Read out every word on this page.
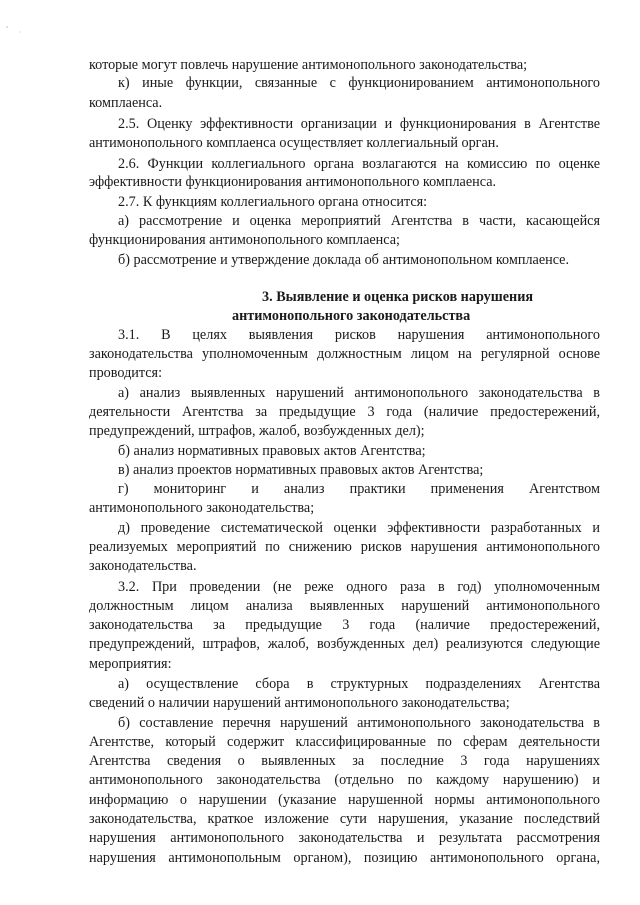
которые могут повлечь нарушение антимонопольного законодательства;
к) иные функции, связанные с функционированием антимонопольного
комплаенса.
2.5. Оценку эффективности организации и функционирования в Агентстве
антимонопольного комплаенса осуществляет коллегиальный орган.
2.6. Функции коллегиального органа возлагаются на комиссию по оценке
эффективности функционирования антимонопольного комплаенса.
2.7. К функциям коллегиального органа относится:
а) рассмотрение и оценка мероприятий Агентства в части, касающейся
функционирования антимонопольного комплаенса;
б) рассмотрение и утверждение доклада об антимонопольном комплаенсе.
3. Выявление и оценка рисков нарушения
антимонопольного законодательства
3.1. В целях выявления рисков нарушения антимонопольного
законодательства уполномоченным должностным лицом на регулярной основе
проводится:
а) анализ выявленных нарушений антимонопольного законодательства в
деятельности Агентства за предыдущие 3 года (наличие предостережений,
предупреждений, штрафов, жалоб, возбужденных дел);
б) анализ нормативных правовых актов Агентства;
в) анализ проектов нормативных правовых актов Агентства;
г) мониторинг и анализ практики применения Агентством
антимонопольного законодательства;
д) проведение систематической оценки эффективности разработанных и
реализуемых мероприятий по снижению рисков нарушения антимонопольного
законодательства.
3.2. При проведении (не реже одного раза в год) уполномоченным
должностным лицом анализа выявленных нарушений антимонопольного
законодательства за предыдущие 3 года (наличие предостережений,
предупреждений, штрафов, жалоб, возбужденных дел) реализуются следующие
мероприятия:
а) осуществление сбора в структурных подразделениях Агентства
сведений о наличии нарушений антимонопольного законодательства;
б) составление перечня нарушений антимонопольного законодательства в
Агентстве, который содержит классифицированные по сферам деятельности
Агентства сведения о выявленных за последние 3 года нарушениях
антимонопольного законодательства (отдельно по каждому нарушению) и
информацию о нарушении (указание нарушенной нормы антимонопольного
законодательства, краткое изложение сути нарушения, указание последствий
нарушения антимонопольного законодательства и результата рассмотрения
нарушения антимонопольным органом), позицию антимонопольного органа,
